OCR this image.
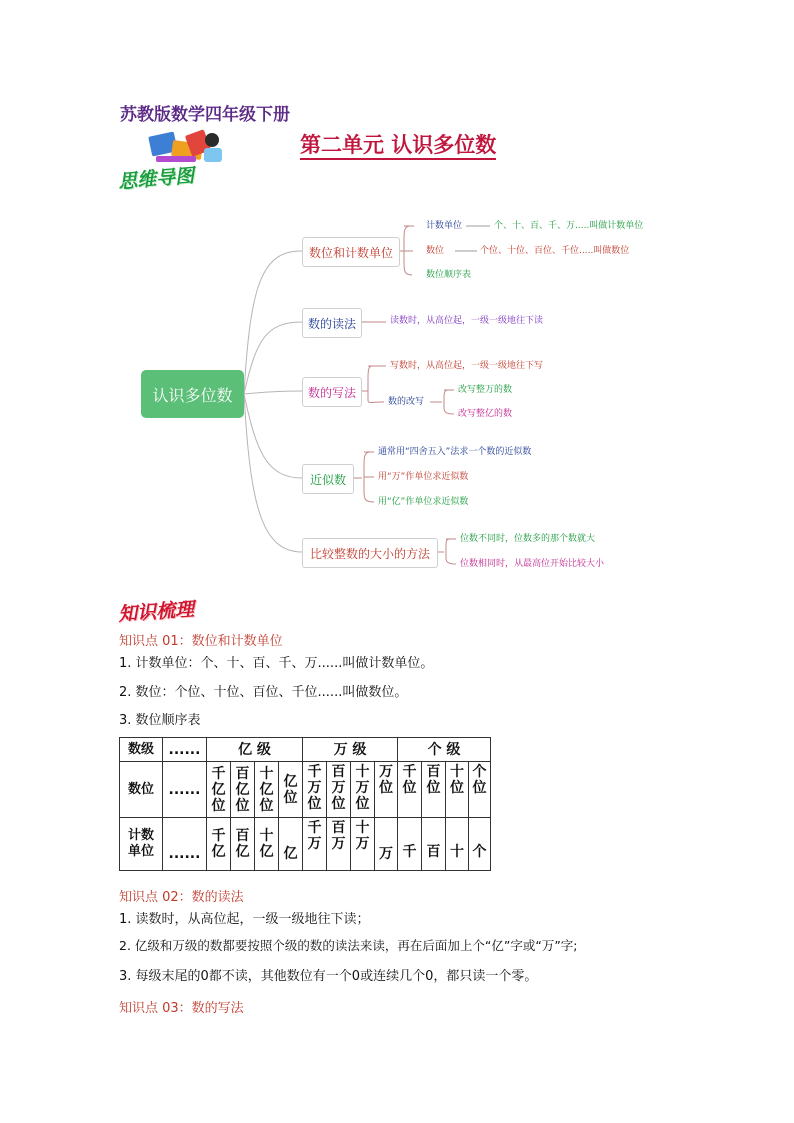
苏教版数学四年级下册
第二单元 认识多位数
思维导图
认识多位数
数位和计数单位
计数单位	个、十、百、千、万.....叫做计数单位
数位	个位、十位、百位、千位.....叫做数位
数位顺序表
数的读法	读数时，从高位起，一级一级地往下读
数的写法
写数时，从高位起，一级一级地往下写
数的改写
改写整万的数
改写整亿的数
近似数
通常用“四舍五入”法求一个数的近似数
用“万”作单位求近似数
用“亿”作单位求近似数
比较整数的大小的方法
位数不同时，位数多的那个数就大
位数相同时，从最高位开始比较大小
知识梳理
知识点 01：数位和计数单位
1. 计数单位：个、十、百、千、万......叫做计数单位。
2. 数位：个位、十位、百位、千位......叫做数位。
3. 数位顺序表
数级	......	亿 级				万 级				个 级			
数位	......	千亿位	百亿位	十亿位	亿位	千万位	百万位	十万位	万位	千位	百位	十位	个位
计数单位	......	千亿	百亿	十亿	亿	千万	百万	十万	万	千	百	十	个
知识点 02：数的读法
1. 读数时，从高位起，一级一级地往下读；
2. 亿级和万级的数都要按照个级的数的读法来读，再在后面加上个“亿”字或“万”字;
3. 每级末尾的0都不读，其他数位有一个0或连续几个0，都只读一个零。
知识点 03：数的写法
